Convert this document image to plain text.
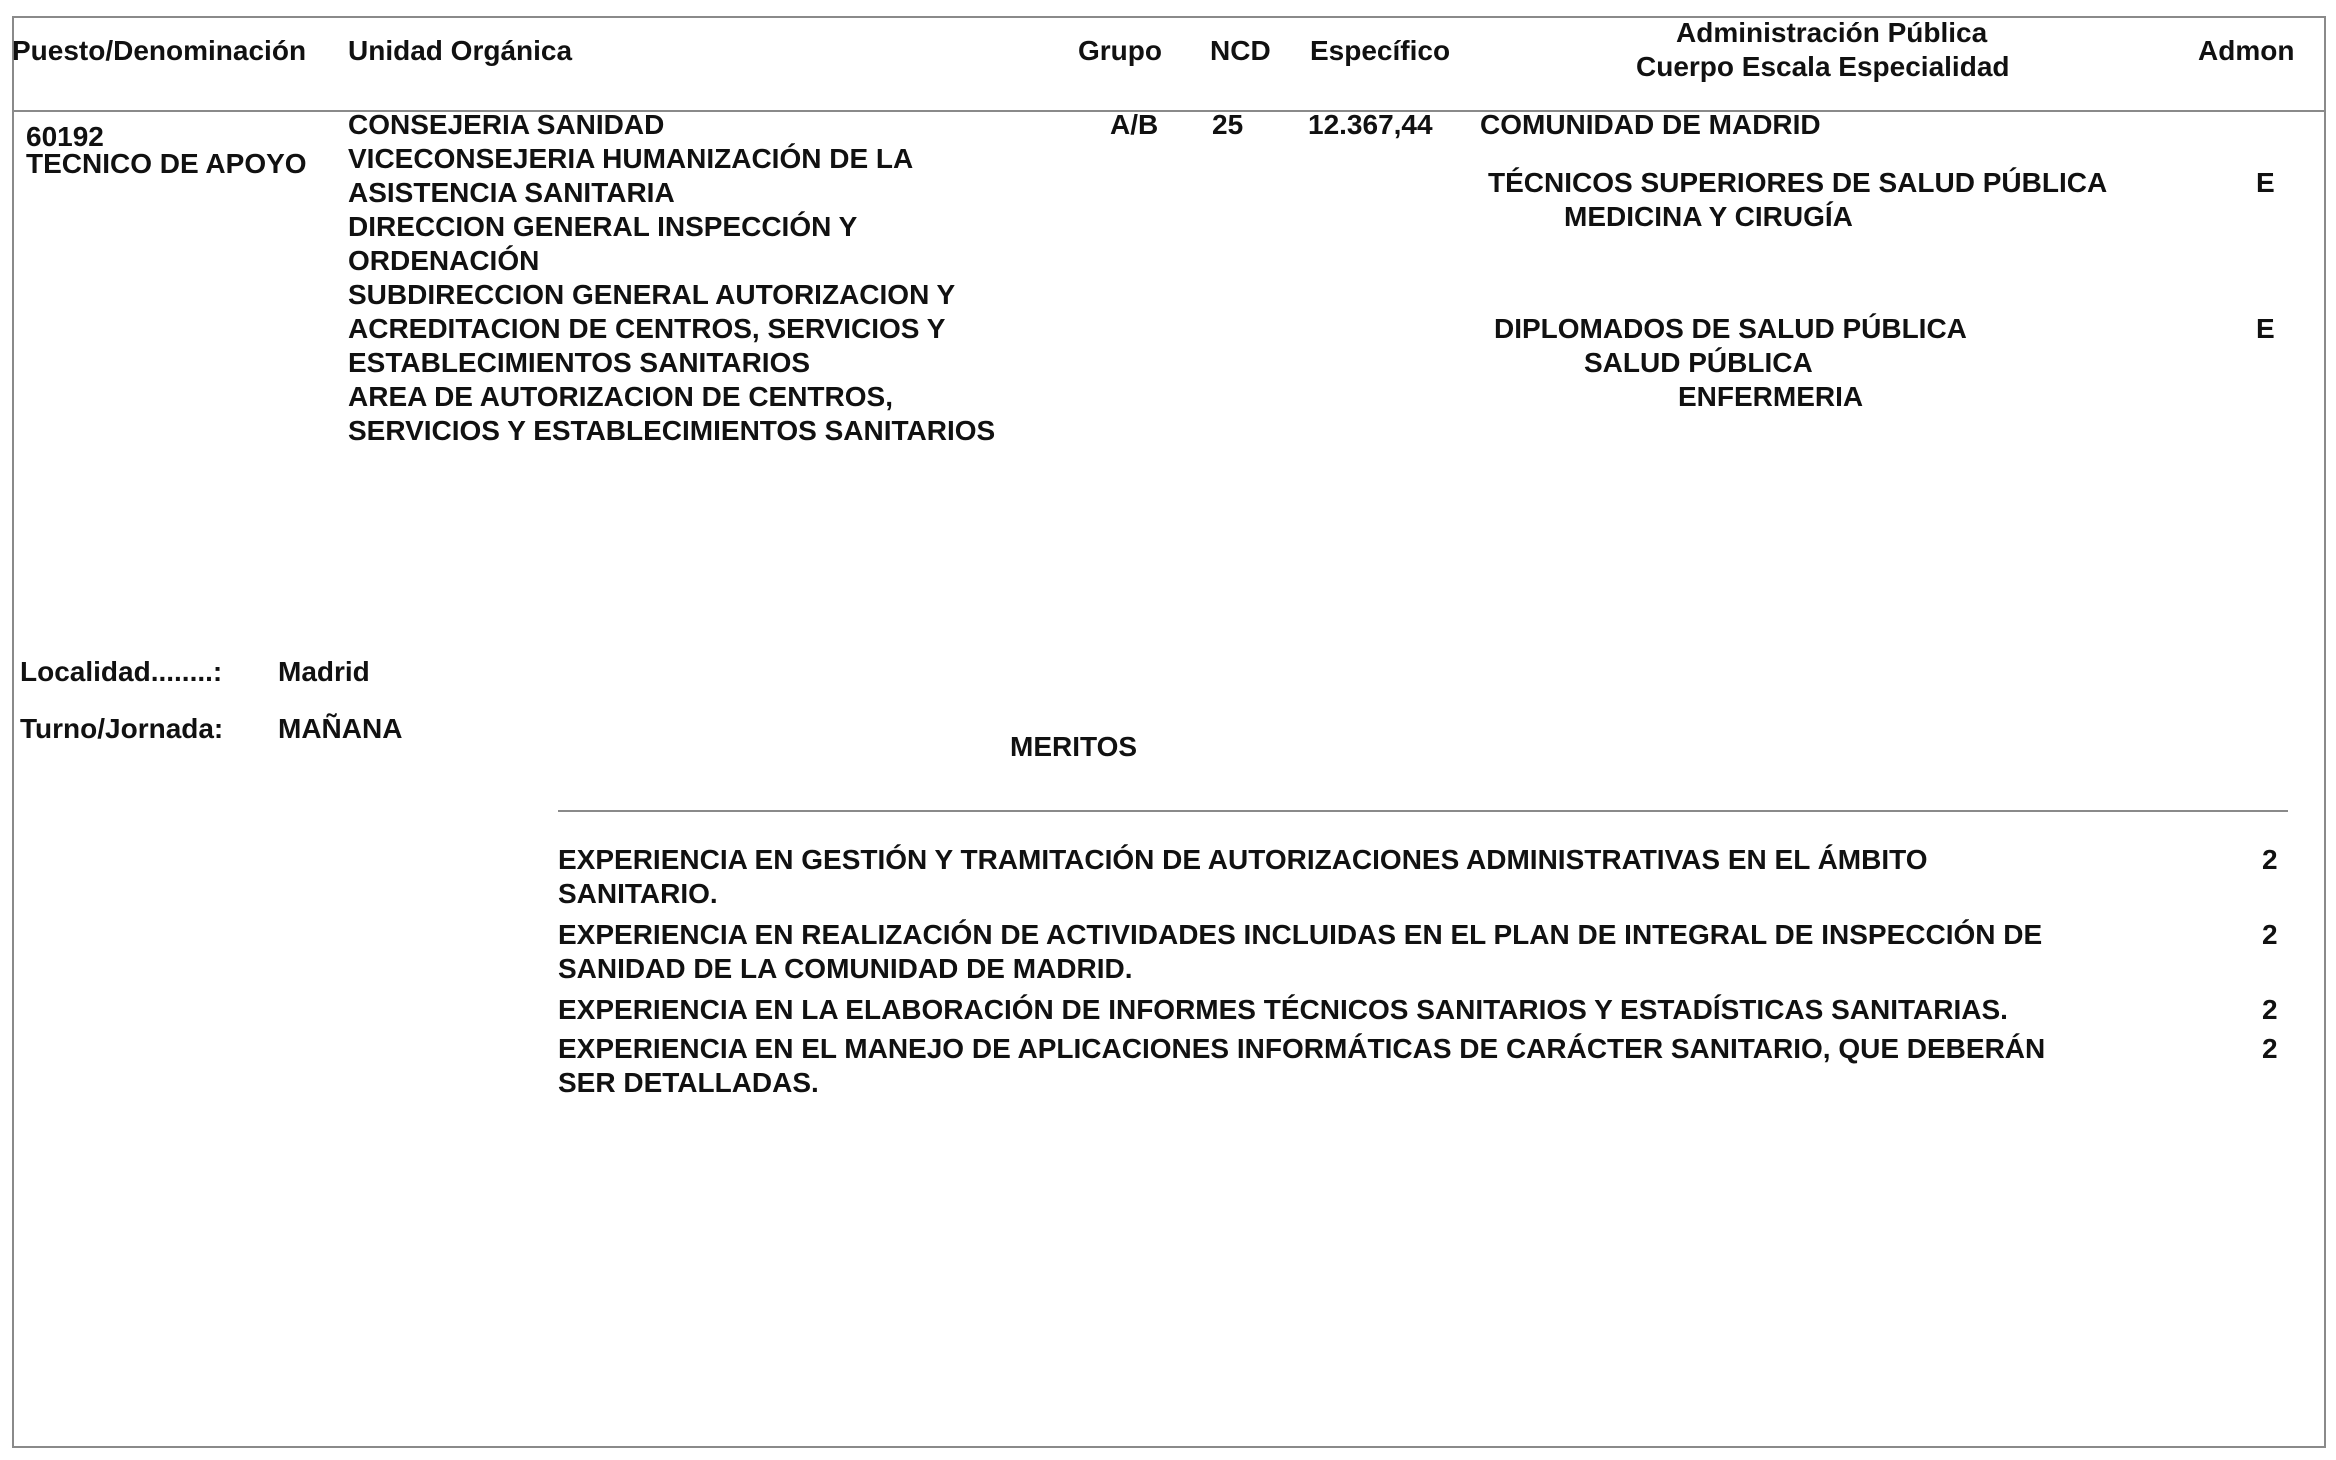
Puesto/Denominación Unidad Orgánica	Grupo NCD Específico
Administración Pública
Cuerpo Escala Especialidad
Admon
60192
TECNICO DE APOYO
CONSEJERIA SANIDAD
VICECONSEJERIA HUMANIZACIÓN DE LA
ASISTENCIA SANITARIA
DIRECCION GENERAL INSPECCIÓN Y
ORDENACIÓN
SUBDIRECCION GENERAL AUTORIZACION Y
ACREDITACION DE CENTROS, SERVICIOS Y
ESTABLECIMIENTOS SANITARIOS
AREA DE AUTORIZACION DE CENTROS,
SERVICIOS Y ESTABLECIMIENTOS SANITARIOS
A/B 25 12.367,44 COMUNIDAD DE MADRID
TÉCNICOS SUPERIORES DE SALUD PÚBLICA
MEDICINA Y CIRUGÍA
E
DIPLOMADOS DE SALUD PÚBLICA
SALUD PÚBLICA
ENFERMERIA
E
Localidad........: Madrid
Turno/Jornada: MAÑANA
MERITOS
EXPERIENCIA EN GESTIÓN Y TRAMITACIÓN DE AUTORIZACIONES ADMINISTRATIVAS EN EL ÁMBITO
SANITARIO.
2
EXPERIENCIA EN REALIZACIÓN DE ACTIVIDADES INCLUIDAS EN EL PLAN DE INTEGRAL DE INSPECCIÓN DE
SANIDAD DE LA COMUNIDAD DE MADRID.
2
EXPERIENCIA EN LA ELABORACIÓN DE INFORMES TÉCNICOS SANITARIOS Y ESTADÍSTICAS SANITARIAS.	2
EXPERIENCIA EN EL MANEJO DE APLICACIONES INFORMÁTICAS DE CARÁCTER SANITARIO, QUE DEBERÁN
SER DETALLADAS.
2
